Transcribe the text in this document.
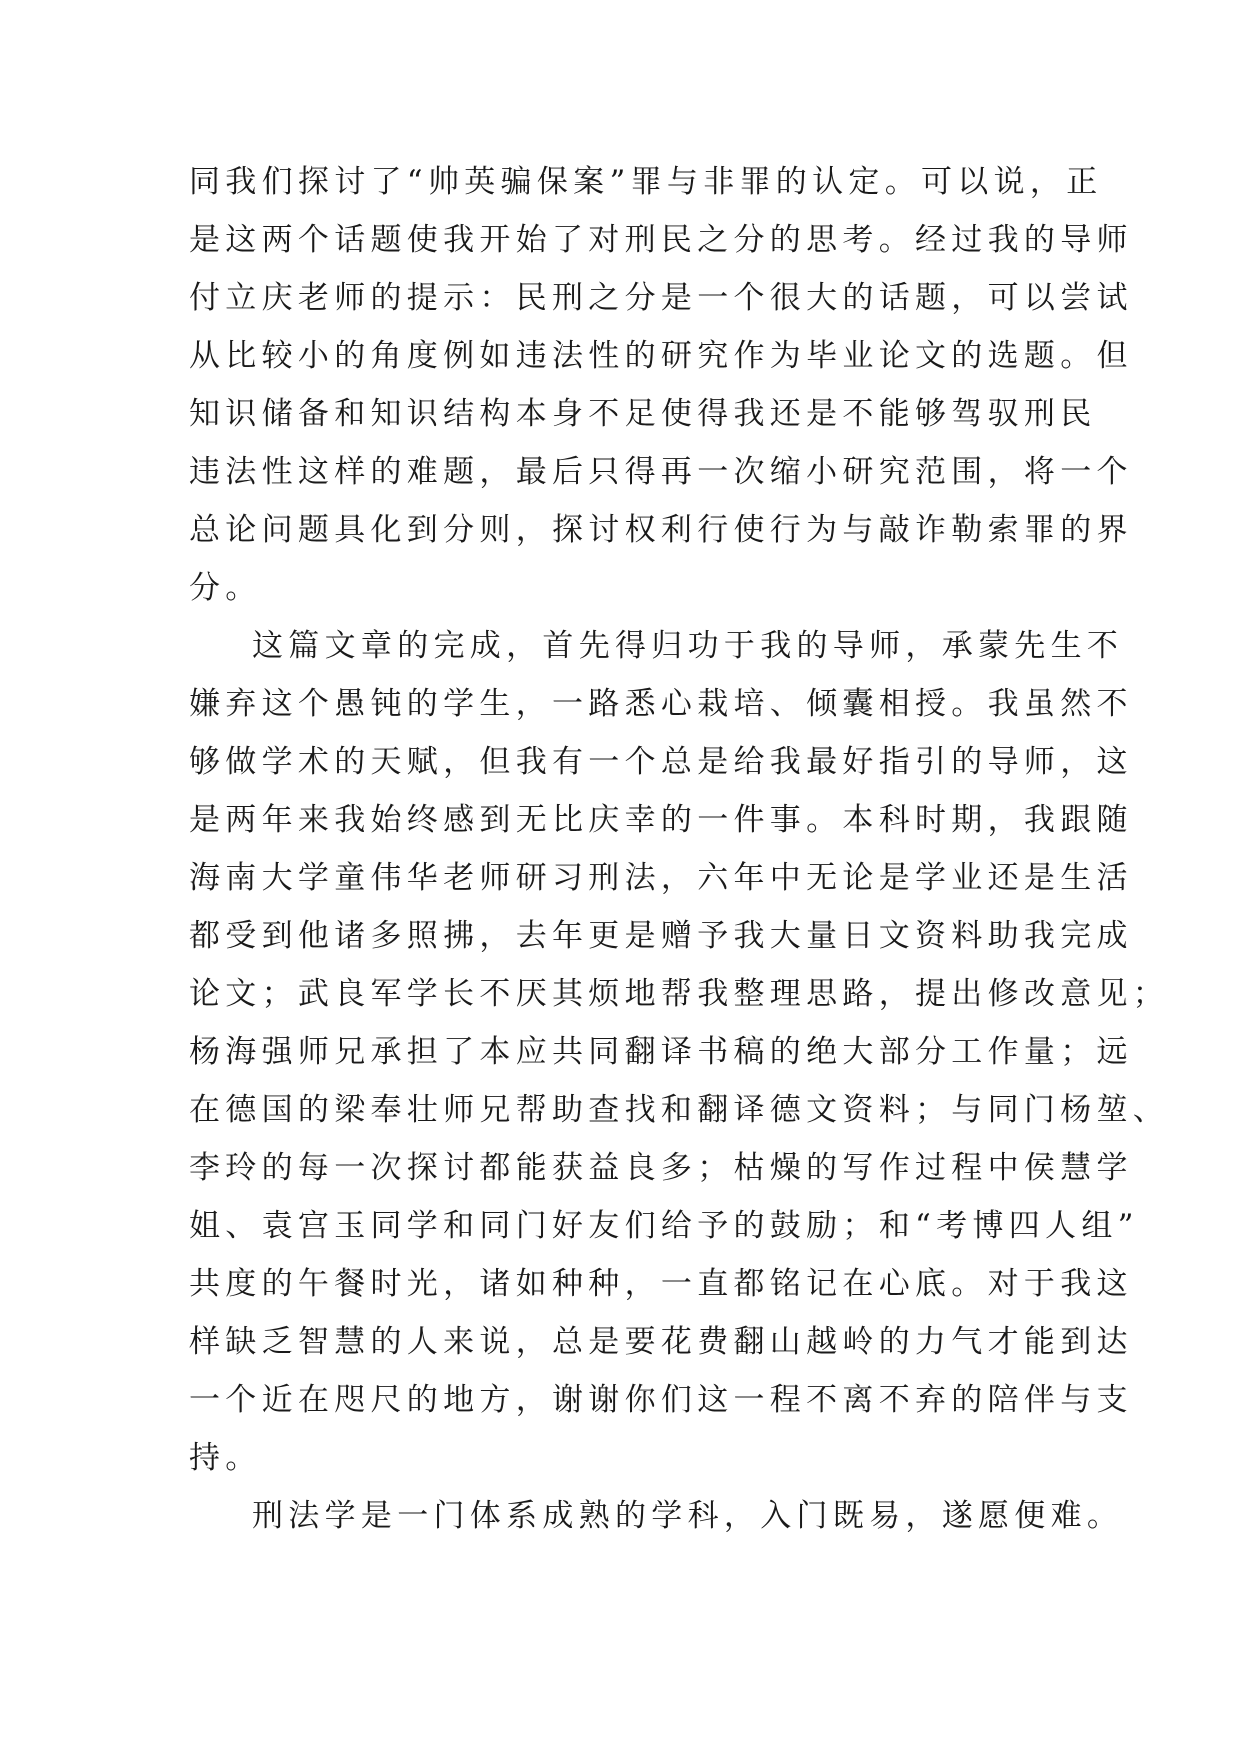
同我们探讨了“帅英骗保案”罪与非罪的认定。可以说，正
是这两个话题使我开始了对刑民之分的思考。经过我的导师
付立庆老师的提示：民刑之分是一个很大的话题，可以尝试
从比较小的角度例如违法性的研究作为毕业论文的选题。但
知识储备和知识结构本身不足使得我还是不能够驾驭刑民
违法性这样的难题，最后只得再一次缩小研究范围，将一个
总论问题具化到分则，探讨权利行使行为与敲诈勒索罪的界
分。
这篇文章的完成，首先得归功于我的导师，承蒙先生不
嫌弃这个愚钝的学生，一路悉心栽培、倾囊相授。我虽然不
够做学术的天赋，但我有一个总是给我最好指引的导师，这
是两年来我始终感到无比庆幸的一件事。本科时期，我跟随
海南大学童伟华老师研习刑法，六年中无论是学业还是生活
都受到他诸多照拂，去年更是赠予我大量日文资料助我完成
论文；武良军学长不厌其烦地帮我整理思路，提出修改意见；
杨海强师兄承担了本应共同翻译书稿的绝大部分工作量；远
在德国的梁奉壮师兄帮助查找和翻译德文资料；与同门杨堃、
李玲的每一次探讨都能获益良多；枯燥的写作过程中侯慧学
姐、袁宫玉同学和同门好友们给予的鼓励；和“考博四人组”
共度的午餐时光，诸如种种，一直都铭记在心底。对于我这
样缺乏智慧的人来说，总是要花费翻山越岭的力气才能到达
一个近在咫尺的地方，谢谢你们这一程不离不弃的陪伴与支
持。
刑法学是一门体系成熟的学科，入门既易，遂愿便难。
